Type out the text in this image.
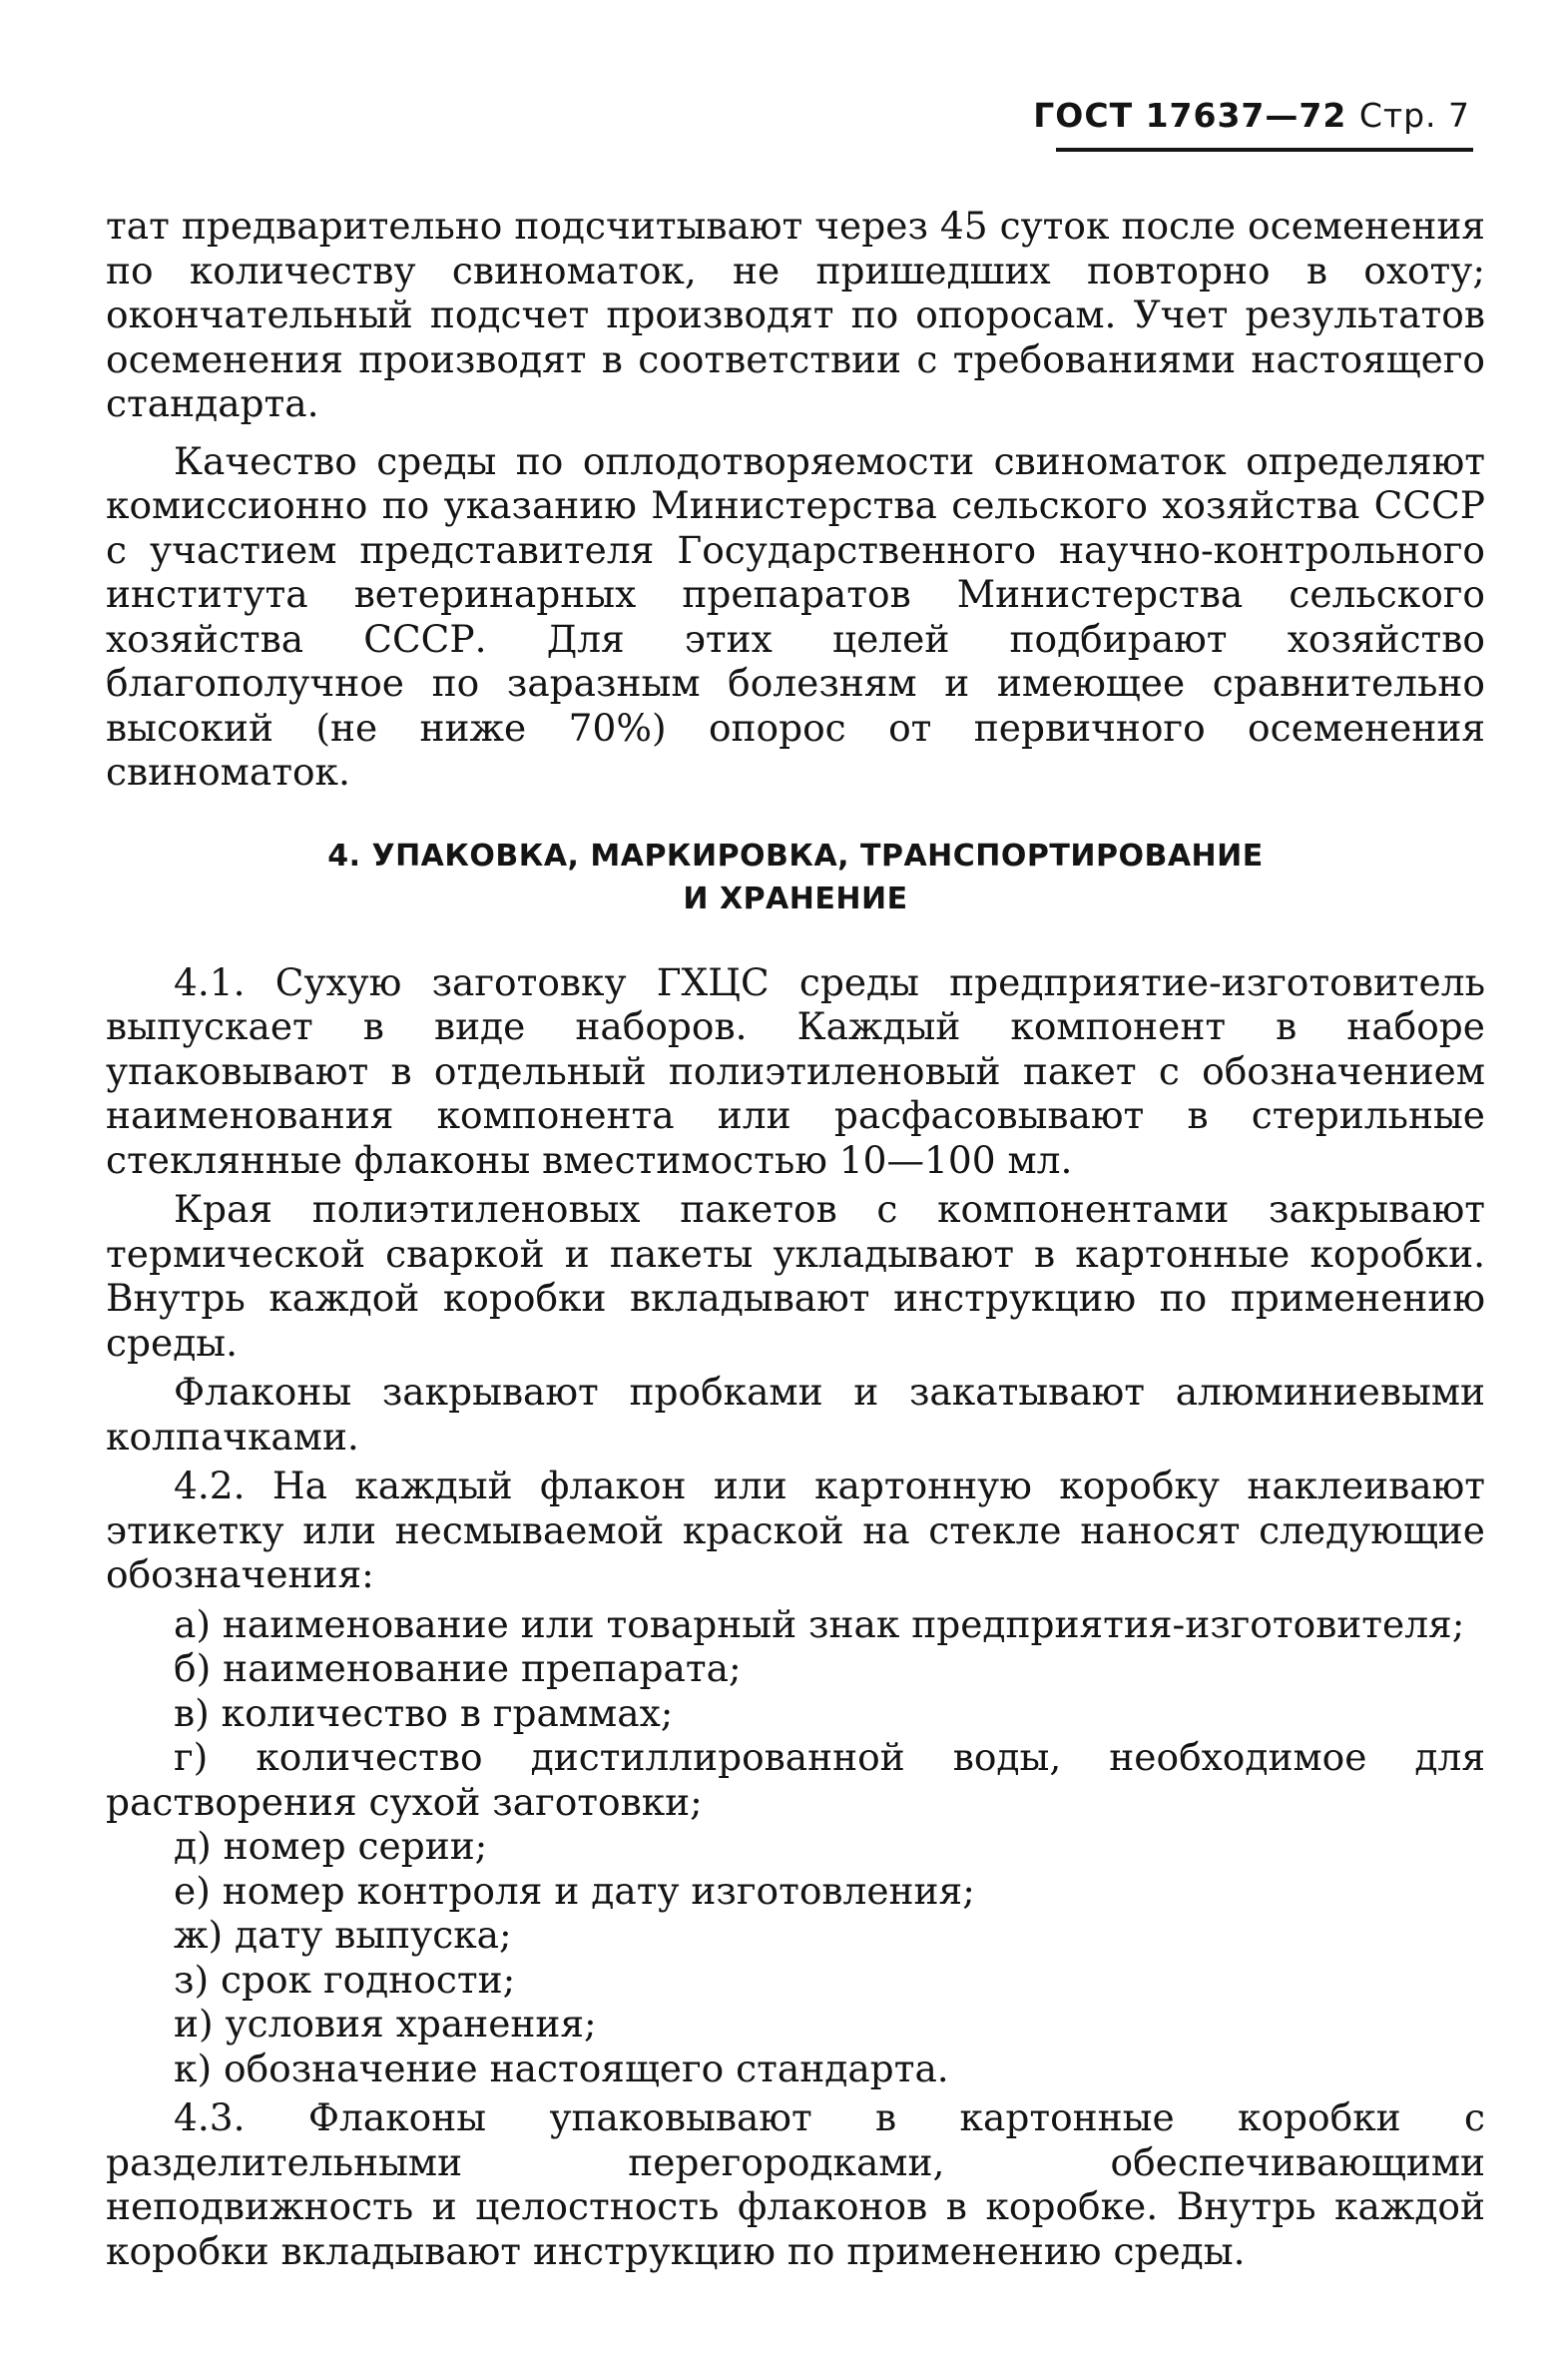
ГОСТ 17637—72 Стр. 7

тат предварительно подсчитывают через 45 суток после осеменения по количеству свиноматок, не пришедших повторно в охоту; окончательный подсчет производят по опоросам. Учет результатов осеменения производят в соответствии с требованиями настоящего стандарта.

Качество среды по оплодотворяемости свиноматок определяют комиссионно по указанию Министерства сельского хозяйства СССР с участием представителя Государственного научно-контрольного института ветеринарных препаратов Министерства сельского хозяйства СССР. Для этих целей подбирают хозяйство благополучное по заразным болезням и имеющее сравнительно высокий (не ниже 70%) опорос от первичного осеменения свиноматок.

4. УПАКОВКА, МАРКИРОВКА, ТРАНСПОРТИРОВАНИЕ
И ХРАНЕНИЕ

4.1. Сухую заготовку ГХЦС среды предприятие-изготовитель выпускает в виде наборов. Каждый компонент в наборе упаковывают в отдельный полиэтиленовый пакет с обозначением наименования компонента или расфасовывают в стерильные стеклянные флаконы вместимостью 10—100 мл.

Края полиэтиленовых пакетов с компонентами закрывают термической сваркой и пакеты укладывают в картонные коробки. Внутрь каждой коробки вкладывают инструкцию по применению среды.

Флаконы закрывают пробками и закатывают алюминиевыми колпачками.

4.2. На каждый флакон или картонную коробку наклеивают этикетку или несмываемой краской на стекле наносят следующие обозначения:

а) наименование или товарный знак предприятия-изготовителя;
б) наименование препарата;
в) количество в граммах;
г) количество дистиллированной воды, необходимое для растворения сухой заготовки;
д) номер серии;
е) номер контроля и дату изготовления;
ж) дату выпуска;
з) срок годности;
и) условия хранения;
к) обозначение настоящего стандарта.

4.3. Флаконы упаковывают в картонные коробки с разделительными перегородками, обеспечивающими неподвижность и целостность флаконов в коробке. Внутрь каждой коробки вкладывают инструкцию по применению среды.
